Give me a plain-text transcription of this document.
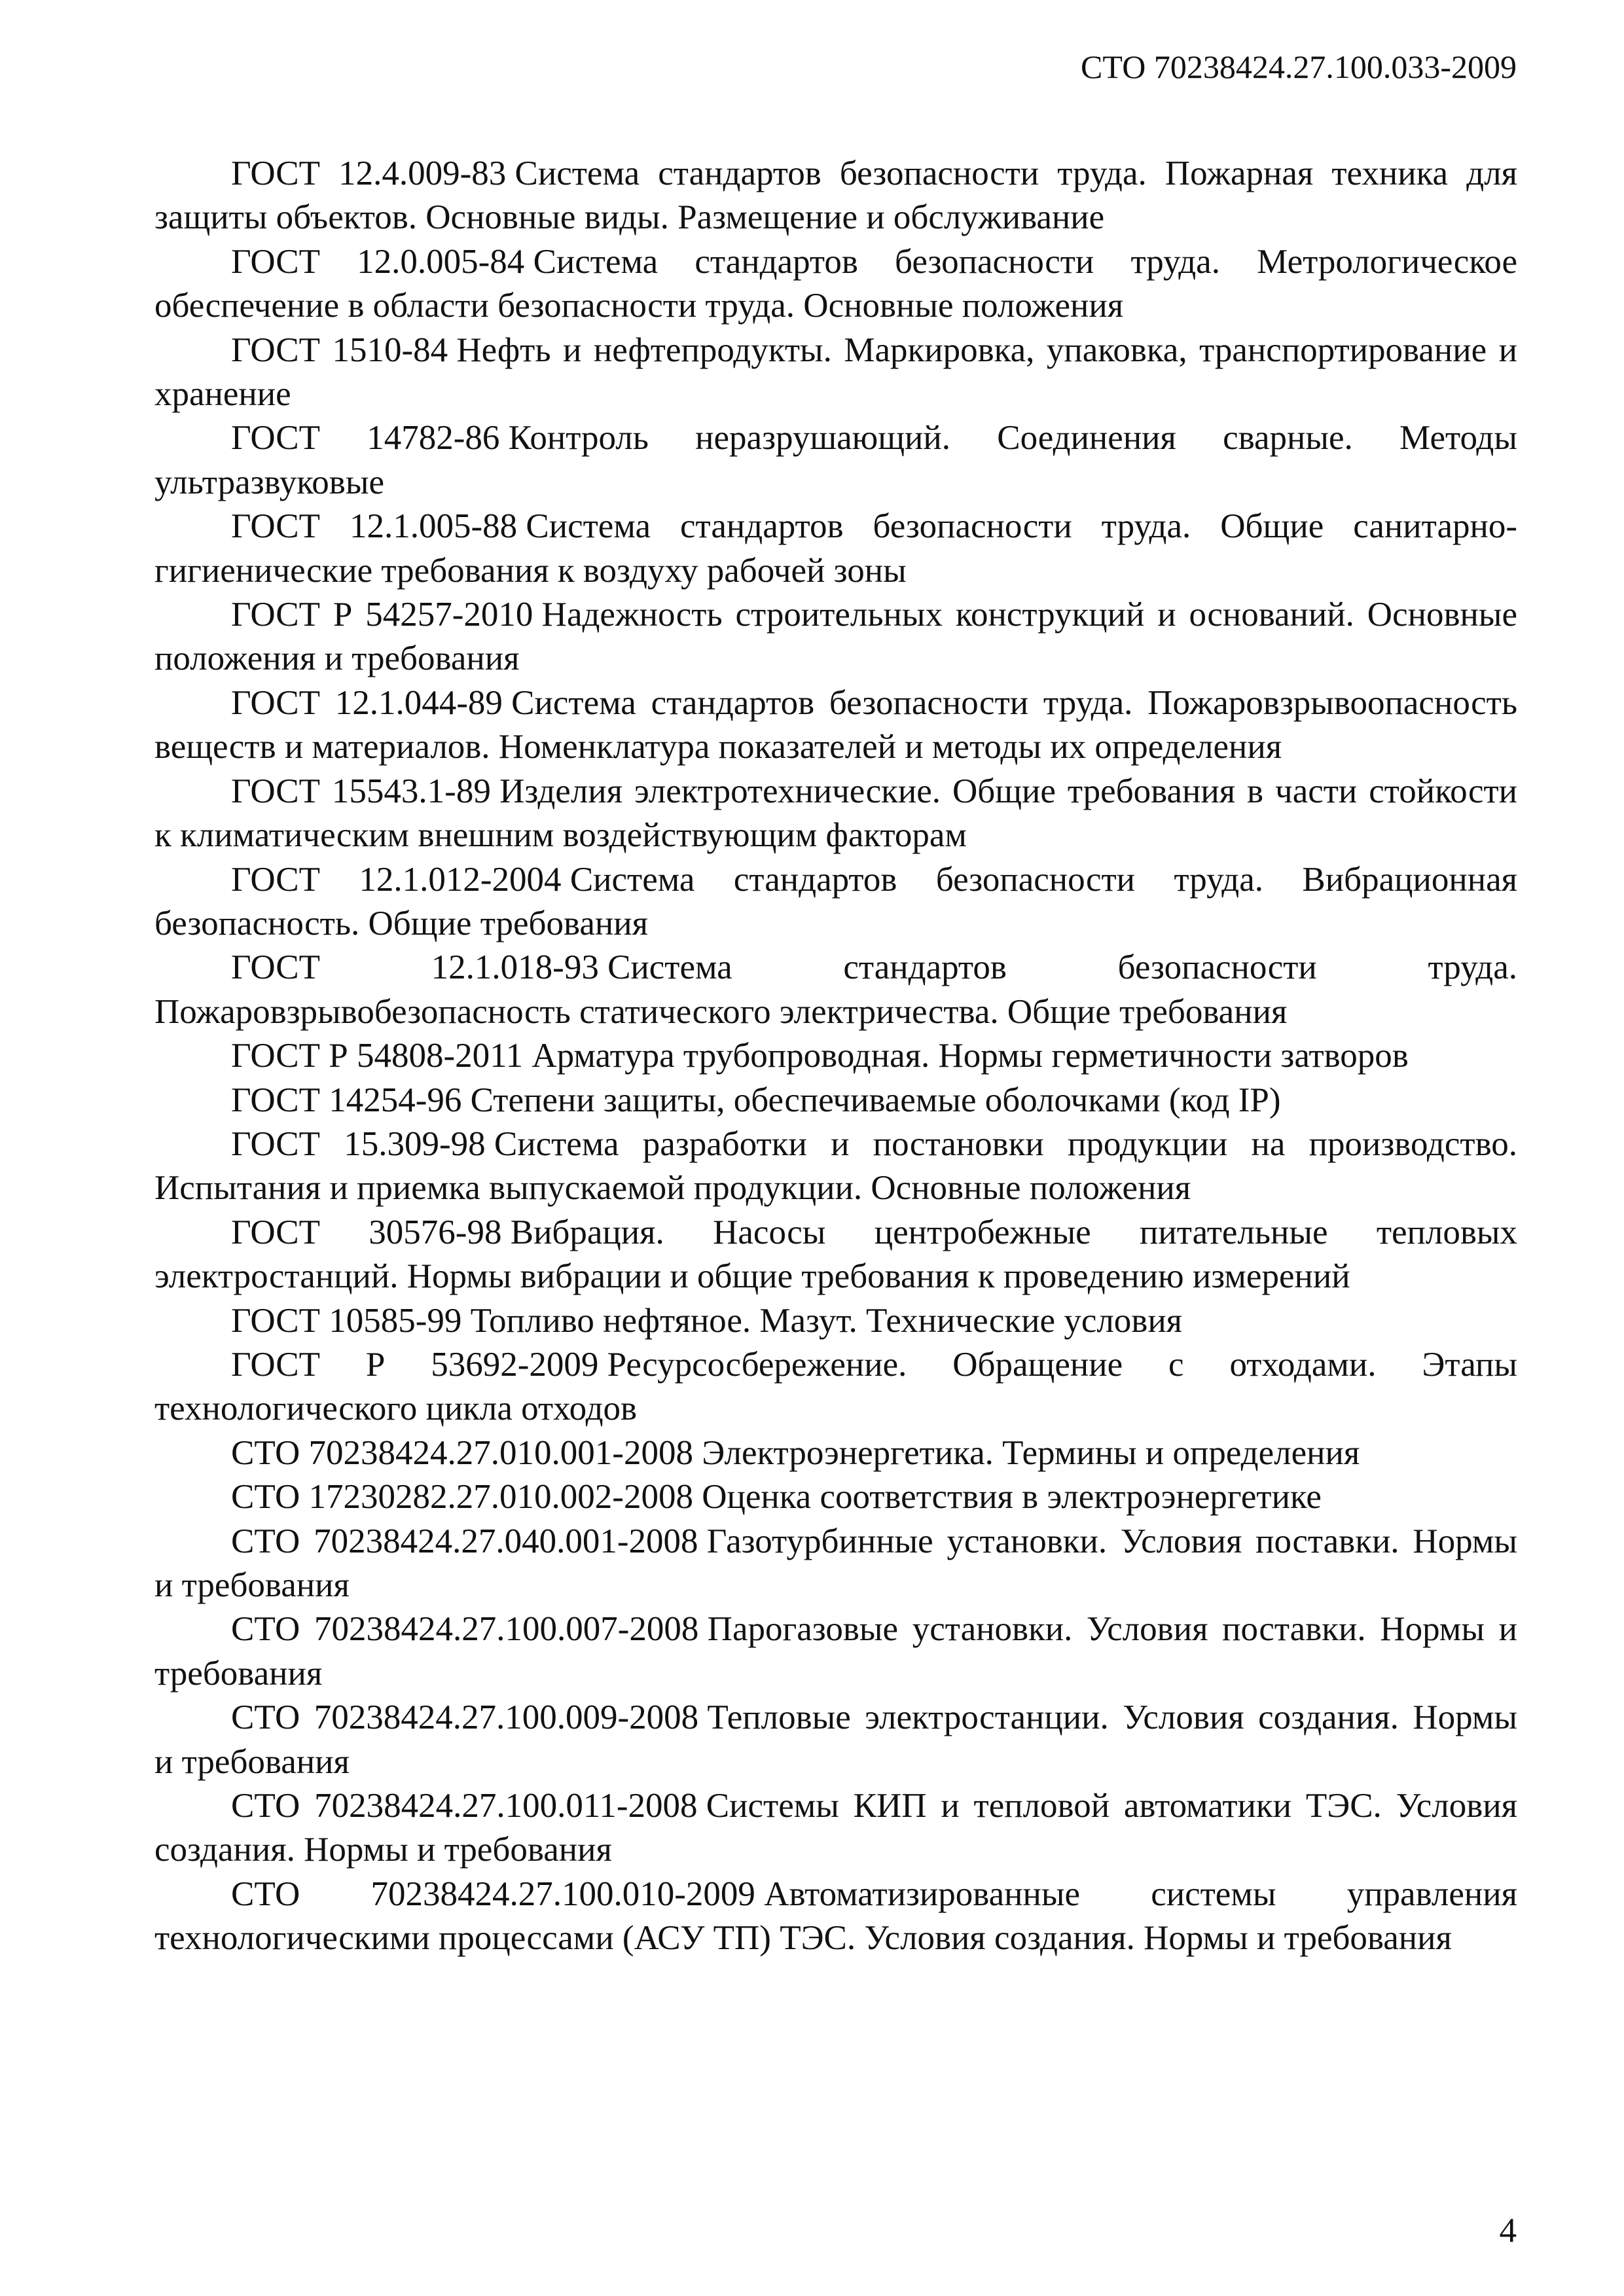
СТО 70238424.27.100.033-2009

ГОСТ 12.4.009-83 Система стандартов безопасности труда. Пожарная техника для защиты объектов. Основные виды. Размещение и обслуживание

ГОСТ 12.0.005-84 Система стандартов безопасности труда. Метрологическое обеспечение в области безопасности труда. Основные положения

ГОСТ 1510-84 Нефть и нефтепродукты. Маркировка, упаковка, транспортирование и хранение

ГОСТ 14782-86 Контроль неразрушающий. Соединения сварные. Методы ультразвуковые

ГОСТ 12.1.005-88 Система стандартов безопасности труда. Общие санитарно-гигиенические требования к воздуху рабочей зоны

ГОСТ Р 54257-2010 Надежность строительных конструкций и оснований. Основные положения и требования

ГОСТ 12.1.044-89 Система стандартов безопасности труда. Пожаровзрывоопасность веществ и материалов. Номенклатура показателей и методы их определения

ГОСТ 15543.1-89 Изделия электротехнические. Общие требования в части стойкости к климатическим внешним воздействующим факторам

ГОСТ 12.1.012-2004 Система стандартов безопасности труда. Вибрационная безопасность. Общие требования

ГОСТ 12.1.018-93 Система стандартов безопасности труда. Пожаровзрывобезопасность статического электричества. Общие требования

ГОСТ Р 54808-2011 Арматура трубопроводная. Нормы герметичности затворов

ГОСТ 14254-96 Степени защиты, обеспечиваемые оболочками (код IP)

ГОСТ 15.309-98 Система разработки и постановки продукции на производство. Испытания и приемка выпускаемой продукции. Основные положения

ГОСТ 30576-98 Вибрация. Насосы центробежные питательные тепловых электростанций. Нормы вибрации и общие требования к проведению измерений

ГОСТ 10585-99 Топливо нефтяное. Мазут. Технические условия

ГОСТ Р 53692-2009 Ресурсосбережение. Обращение с отходами. Этапы технологического цикла отходов

СТО 70238424.27.010.001-2008 Электроэнергетика. Термины и определения

СТО 17230282.27.010.002-2008 Оценка соответствия в электроэнергетике

СТО 70238424.27.040.001-2008 Газотурбинные установки. Условия поставки. Нормы и требования

СТО 70238424.27.100.007-2008 Парогазовые установки. Условия поставки. Нормы и требования

СТО 70238424.27.100.009-2008 Тепловые электростанции. Условия создания. Нормы и требования

СТО 70238424.27.100.011-2008 Системы КИП и тепловой автоматики ТЭС. Условия создания. Нормы и требования

СТО 70238424.27.100.010-2009 Автоматизированные системы управления технологическими процессами (АСУ ТП) ТЭС. Условия создания. Нормы и требования

4
